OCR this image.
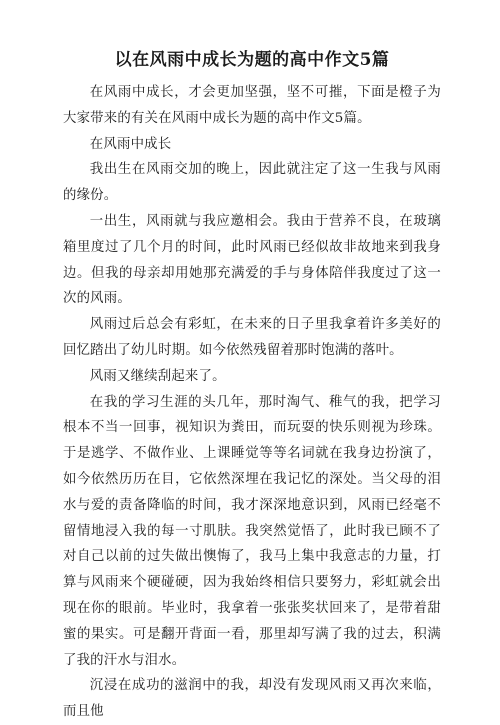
以在风雨中成长为题的高中作文5篇

在风雨中成长，才会更加坚强，坚不可摧，下面是橙子为大家带来的有关在风雨中成长为题的高中作文5篇。

在风雨中成长

我出生在风雨交加的晚上，因此就注定了这一生我与风雨的缘份。

一出生，风雨就与我应邀相会。我由于营养不良，在玻璃箱里度过了几个月的时间，此时风雨已经似故非故地来到我身边。但我的母亲却用她那充满爱的手与身体陪伴我度过了这一次的风雨。

风雨过后总会有彩虹，在未来的日子里我拿着许多美好的回忆踏出了幼儿时期。如今依然残留着那时饱满的落叶。

风雨又继续刮起来了。

在我的学习生涯的头几年，那时淘气、稚气的我，把学习根本不当一回事，视知识为粪田，而玩耍的快乐则视为珍珠。于是逃学、不做作业、上课睡觉等等名词就在我身边扮演了，如今依然历历在目，它依然深埋在我记忆的深处。当父母的泪水与爱的责备降临的时间，我才深深地意识到，风雨已经毫不留情地浸入我的每一寸肌肤。我突然觉悟了，此时我已顾不了对自己以前的过失做出懊悔了，我马上集中我意志的力量，打算与风雨来个硬碰硬，因为我始终相信只要努力，彩虹就会出现在你的眼前。毕业时，我拿着一张张奖状回来了，是带着甜蜜的果实。可是翻开背面一看，那里却写满了我的过去，积满了我的汗水与泪水。

沉浸在成功的滋润中的我，却没有发现风雨又再次来临，而且他
